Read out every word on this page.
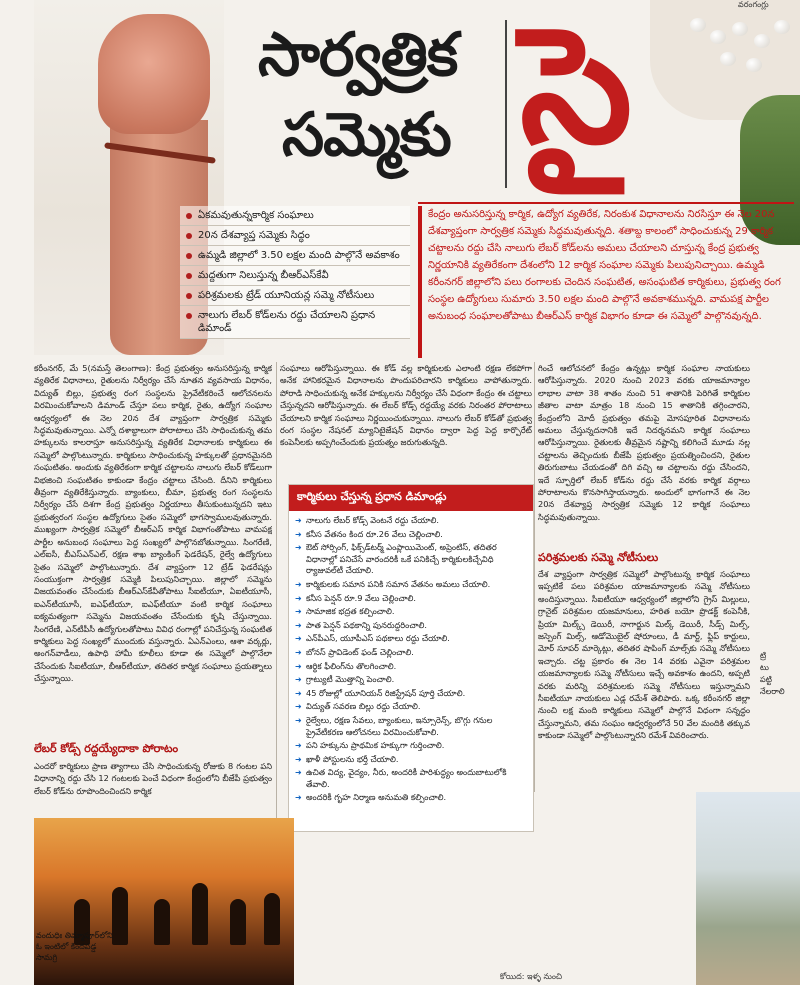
వరంగంగ్లు
సార్వత్రిక
సమ్మెకు సై
ఏకమవుతున్నకార్మిక సంఘాలు
20న దేశవ్యాప్త సమ్మెకు సిద్ధం
ఉమ్మడి జిల్లాలో 3.50 లక్షల మంది పాల్గొనే అవకాశం
మద్దతుగా నిలుస్తున్న బీఆర్‌ఎస్‌కేవీ
పరిశ్రమలకు ట్రేడ్ యూనియన్ల సమ్మె నోటీసులు
నాలుగు లేబర్ కోడ్‌లను రద్దు చేయాలని ప్రధాన డిమాండ్
కేంద్రం అనుసరిస్తున్న కార్మిక, ఉద్యోగ వ్యతిరేక, నిరంకుశ విధానాలను నిరసిస్తూ ఈ నెల 20న దేశవ్యాప్తంగా సార్వత్రిక సమ్మెకు సిద్ధమవుతున్నది. శతాబ్ద కాలంలో సాధించుకున్న 29 కార్మిక చట్టాలను రద్దు చేసి నాలుగు లేబర్ కోడ్‌లను అమలు చేయాలని చూస్తున్న కేంద్ర ప్రభుత్వ నిర్ణయానికి వ్యతిరేకంగా దేశంలోని 12 కార్మిక సంఘాల సమ్మెకు పిలుపునిచ్చాయి. ఉమ్మడి కరీంనగర్ జిల్లాలోని పలు రంగాలకు చెందిన సంఘటిత, అసంఘటిత కార్మికులు, ప్రభుత్వ రంగ సంస్థల ఉద్యోగులు సుమారు 3.50 లక్షల మంది పాల్గొనే అవకాశమున్నది. వామపక్ష పార్టీల అనుబంధ సంఘాలతోపాటు బీఆర్‌ఎస్ కార్మిక విభాగం కూడా ఈ సమ్మెలో పాల్గొనవున్నది.
కరీంనగర్, మే 5(నమస్తే తెలంగాణ): కేంద్ర ప్రభుత్వం అనుసరిస్తున్న కార్మిక వ్యతిరేక విధానాలు, రైతులను నిర్వీర్యం చేసే నూతన వ్యవసాయ విధానం, విద్యుత్ బిల్లు, ప్రభుత్వ రంగ సంస్థలను ప్రైవేటీకరించే ఆలోచనలను విరమించుకోవాలని డిమాండ్ చేస్తూ పలు కార్మిక, రైతు, ఉద్యోగ సంఘాల ఆధ్వర్యంలో ఈ నెల 20న దేశ వ్యాప్తంగా సార్వత్రిక సమ్మెకు సిద్ధమవుతున్నాయి. ఎన్నో దశాబ్దాలుగా పోరాటాలు చేసి సాధించుకున్న తమ హక్కులను కాలరాస్తూ అనుసరిస్తున్న వ్యతిరేక విధానాలకు కార్మికులు ఈ సమ్మెలో పాల్గొంటున్నారు. కార్మికులు సాధించుకున్న హక్కులతో ప్రధానమైనది సంఘటితం. అందుకు వ్యతిరేకంగా కార్మిక చట్టాలను నాలుగు లేబర్ కోడ్‌లుగా విభజించి సంఘటితం కాకుండా కేంద్రం చట్టాలు చేసింది. దీనిని కార్మికులు తీవ్రంగా వ్యతిరేకిస్తున్నారు. బ్యాంకులు, బీమా, ప్రభుత్వ రంగ సంస్థలను నిర్వీర్యం చేసే దిశగా కేంద్ర ప్రభుత్వం నిర్ణయాలు తీసుకుంటున్నదని ఇటు ప్రభుత్వరంగ సంస్థల ఉద్యోగులు సైతం సమ్మెలో భాగస్వాములవుతున్నారు. ముఖ్యంగా సార్వత్రిక సమ్మెలో బీఆర్‌ఎస్ కార్మిక విభాగంతోపాటు వామపక్ష పార్టీల అనుబంధ సంఘాలు పెద్ద సంఖ్యలో పాల్గొనబోతున్నాయి. సింగరేణి, ఎల్ఐసీ, బీఎస్ఎన్ఎల్, రక్షణ శాఖ బ్యాంకింగ్ ఫెడరేషన్, రైల్వే ఉద్యోగులు సైతం సమ్మెలో పాల్గొంటున్నారు. దేశ వ్యాప్తంగా 12 ట్రేడ్ ఫెడరేషన్లు సంయుక్తంగా సార్వత్రిక సమ్మెకి పిలుపునిచ్చాయి. జిల్లాలో సమ్మెను విజయవంతం చేసేందుకు బీఆర్‌ఎస్‌కేవీతోపాటు సీఐటీయూ, ఏఐటీయూసీ, ఐఎన్‌టీయూసీ, ఐఎఫ్‌టీయూ, ఐఎఫ్‌టీయూ వంటి కార్మిక సంఘాలు ఐక్యమత్యంగా సమ్మెను విజయవంతం చేసేందుకు కృషి చేస్తున్నాయి. సింగరేణి, ఎన్‌టీపీసీ ఉద్యోగులతోపాటు వివిధ రంగాల్లో పనిచేస్తున్న సంఘటిత కార్మికులు పెద్ద సంఖ్యలో ముందుకు వస్తున్నారు. ఏఎన్ఎంలు, ఆశా వర్కర్లు, అంగన్‌వాడీలు, ఉపాధి హామీ కూలీలు కూడా ఈ సమ్మెలో పాల్గొనేలా చేసేందుకు సీఐటీయూ, బీఆర్‌టీయూ, తదితర కార్మిక సంఘాలు ప్రయత్నాలు చేస్తున్నాయి.
లేబర్ కోడ్స్ రద్దయ్యేదాకా పోరాటం
ఎందరో కార్మికులు ప్రాణ త్యాగాలు చేసి సాధించుకున్న రోజుకు 8 గంటల పని విధానాన్ని రద్దు చేసి 12 గంటలకు పెంచే విధంగా కేంద్రంలోని బీజేపీ ప్రభుత్వం లేబర్ కోడ్‌ను రూపొందించిందని కార్మిక
సంఘాలు ఆరోపిస్తున్నాయి. ఈ కోడ్ వల్ల కార్మికులకు ఎలాంటి రక్షణ లేకపోగా అనేక హానికరమైన విధానాలను పొందుపరిచారని కార్మికులు వాపోతున్నారు. పోరాడి సాధించుకున్న అనేక హక్కులను నిర్వీర్యం చేసే విధంగా కేంద్రం ఈ చట్టాలు చేస్తున్నదని ఆరోపిస్తున్నారు. ఈ లేబర్ కోడ్స్ రద్దయ్యే వరకు నిరంతర పోరాటాలు చేయాలని కార్మిక సంఘాలు నిర్ణయించుకున్నాయి. నాలుగు లేబర్ కోడ్‌తో ప్రభుత్వ రంగ సంస్థల నేషనల్ మ్యానిటైజేషన్ విధానం ద్వారా పెద్ద పెద్ద కార్పొరేట్ కంపెనీలకు అప్పగించేందుకు ప్రయత్నం జరుగుతున్నది.
కార్మికులు చేస్తున్న ప్రధాన డిమాండ్లు
➜ నాలుగు లేబర్ కోడ్స్ వెంటనే రద్దు చేయాలి.
➜ కనీస వేతనం కింద రూ.26 వేలు చెల్లించాలి.
➜ ఔట్ సోర్సింగ్, ఫిక్స్‌డ్‌టర్మ్ ఎంప్లాయిమెంట్, అప్రెంటిస్, తదితర విధానాల్లో పనిచేసే వారందరికీ ఒకే పనికిచ్చే కార్మికులకిచ్చేవిధి ర్యాజువల్‌టీ చేయాలి.
➜ కార్మికులకు సమాన పనికి సమాన వేతనం అమలు చేయాలి.
➜ కనీస పెన్షన్ రూ.9 వేలు చెల్లించాలి.
➜ సామాజిక భద్రత కల్పించాలి.
➜ పాత పెన్షన్ పథకాన్ని పునరుద్దరించాలి.
➜ ఎన్‌పీఎస్, యూపీఎస్ పథకాలు రద్దు చేయాలి.
➜ బోనస్ ప్రావిడెంట్ ఫండ్ చెల్లించాలి.
➜ ఆర్థిక ఫీలింగ్‌ను తొలగించాలి.
➜ గ్రాట్యుటీ మొత్తాన్ని పెంచాలి.
➜ 45 రోజుల్లో యూనియన్ రిజిస్ట్రేషన్ పూర్తి చేయాలి.
➜ విద్యుత్ సవరణ బిల్లు రద్దు చేయాలి.
➜ రైల్వేలు, రక్షణ సేవలు, బ్యాంకులు, ఇన్సూరెన్స్, బొగ్గు గనుల ప్రైవేటీకరణ ఆలోచనలు విరమించుకోవాలి.
➜ పని హక్కును ప్రాథమిక హక్కుగా గుర్తించాలి.
➜ ఖాళీ పోస్టులను భర్తీ చేయాలి.
➜ ఉచిత విద్య, వైద్యం, నీరు, అందరికీ పారిశుద్ధ్యం అందుబాటులోకి తేవాలి.
➜ అందరికీ గృహ నిర్మాణ అనుమతి కల్పించాలి.
గించే ఆలోచనలో కేంద్రం ఉన్నట్లు కార్మిక సంఘాల నాయకులు ఆరోపిస్తున్నారు. 2020 నుంచి 2023 వరకు యాజమాన్యాల లాభాల వాటా 38 శాతం నుంచి 51 శాతానికి పెరిగితే కార్మికుల జీతాల వాటా మాత్రం 18 నుంచి 15 శాతానికి తగ్గించారని, కేంద్రంలోని మోదీ ప్రభుత్వం తమపై మోసపూరిత విధానాలను అమలు చేస్తున్నదనానికి ఇదే నిదర్శనమని కార్మిక సంఘాలు ఆరోపిస్తున్నాయి. రైతులకు తీవ్రమైన నష్టాన్ని కలిగించే మూడు నల్ల చట్టాలను తెచ్చిందుకు బీజేపీ ప్రభుత్వం ప్రయత్నించిందని, రైతుల తిరుగుబాటు చేయడంతో దిగి వచ్చి ఆ చట్టాలను రద్దు చేసిందని, ఇదే స్ఫూర్తిలో లేబర్ కోడ్‌ను రద్దు చేసే వరకు కార్మిక వర్గాలు పోరాటాలను కొనసాగిస్తాయన్నారు. అందులో భాగంగానే ఈ నెల 20న దేశవ్యాప్త సార్వత్రిక సమ్మెకు 12 కార్మిక సంఘాలు సిద్ధమవుతున్నాయి.
పరిశ్రమలకు సమ్మె నోటీసులు
దేశ వ్యాప్తంగా సార్వత్రిక సమ్మెలో పాల్గొంటున్న కార్మిక సంఘాలు ఇప్పటికే పలు పరిశ్రమల యాజమాన్యాలకు సమ్మె నోటీసులు అందిస్తున్నాయి. సీఐటీయూ ఆధ్వర్యంలో జిల్లాలోని గ్రైస్ మిల్లులు, గ్రానైట్ పరిశ్రమల యజమానులు, హరిత బయో ప్రొడక్ట్ కంపెనీకి, ప్రియా మిల్క్స్ డెయిరీ, నాగార్జున మిల్క్ డెయిరీ, సీడ్స్ మిల్స్, జస్పెంగ్ మిల్స్, ఆడోమొబైల్ షోరూంలు, డీ మార్ట్, ఫ్లిప్ కార్టులు, మోర్ సూపర్ మార్కెట్లు, తదితర షాపింగ్ మాల్స్‌కు సమ్మె నోటీసులు ఇచ్చారు. చట్ట ప్రకారం ఈ నెల 14 వరకు ఎవైనా పరిశ్రమల యజమాన్యాలకు సమ్మె నోటీసులు ఇచ్చే అవకాశం ఉందని, అప్పటి వరకు మరిన్ని పరిశ్రమలకు సమ్మె నోటీసులు ఇస్తున్నామని సీఐటీయూ నాయకులు ఎడ్ల రమేశ్ తెలిపారు. ఒక్క కరీంనగర్ జిల్లా నుంచి లక్ష మంది కార్మికులు సమ్మెలో పాల్గొనే విధంగా సన్నద్ధం చేస్తున్నామని, తమ సంఘం ఆధ్వర్యంలోనే 50 వేల మందికి తక్కువ కాకుండా సమ్మెలో పాల్గొంటున్నారని రమేశ్ వివరించారు.
ట్రి
టు
పట్టి
నేలరాలి
వందుధిః తిమ్మాపూర్‌లోని ఓ ఇంటిలో కిందపడ్డ సామగ్రి
కోయిద: ఇళ్ళ నుంచి
